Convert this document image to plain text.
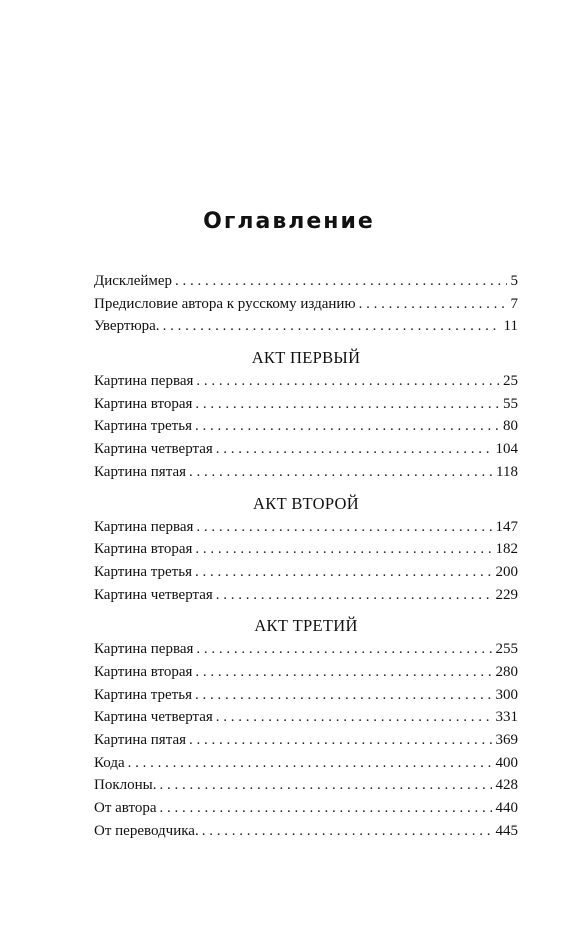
Оглавление
Дисклеймер . . .	5
Предисловие автора к русскому изданию . . .	7
Увертюра. . . .	11
АКТ ПЕРВЫЙ
Картина первая . . .	25
Картина вторая . . .	55
Картина третья . . .	80
Картина четвертая . . .	104
Картина пятая . . .	118
АКТ ВТОРОЙ
Картина первая . . .	147
Картина вторая . . .	182
Картина третья . . .	200
Картина четвертая . . .	229
АКТ ТРЕТИЙ
Картина первая . . .	255
Картина вторая . . .	280
Картина третья . . .	300
Картина четвертая . . .	331
Картина пятая . . .	369
Кода . . .	400
Поклоны. . . .	428
От автора . . .	440
От переводчика. . . .	445
